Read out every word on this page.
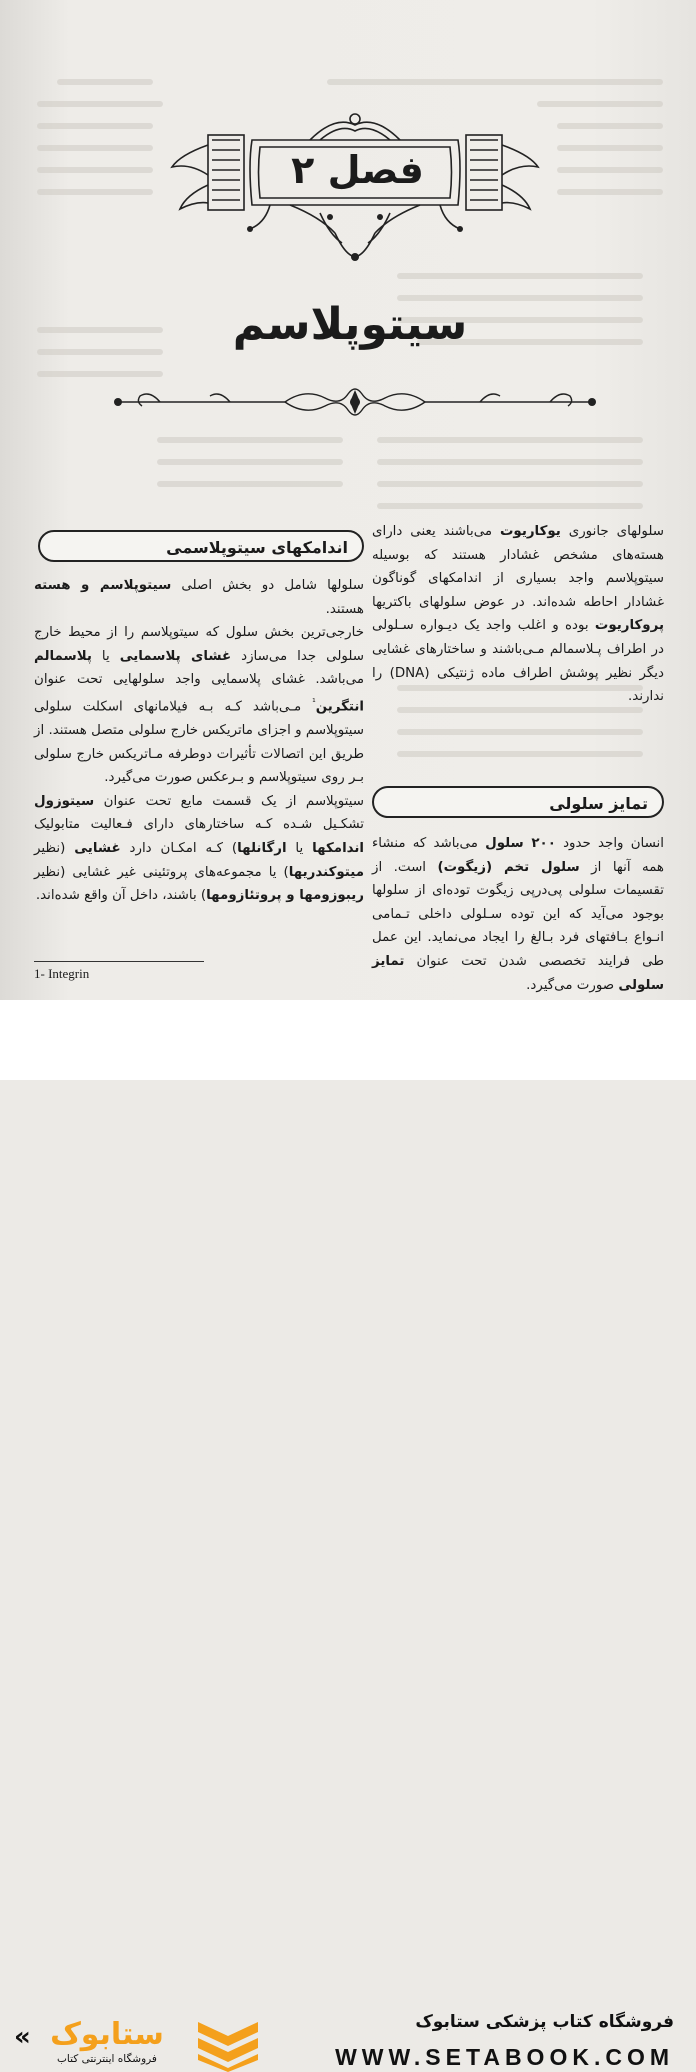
فصل ۲
سیتوپلاسم
اندامکهای سیتوپلاسمی
تمایز سلولی

سلولها شامل دو بخش اصلی سیتوپلاسم و هسته هستند.

خارجی‌ترین بخش سلول که سیتوپلاسم را از محیط خارج سلولی جدا می‌سازد غشای پلاسمایی یا پلاسمالم می‌باشد. غشای پلاسمایی واجد سلولهایی تحت عنوان انتگرین$^{^1}$ مـی‌باشد کـه بـه فیلامانهای اسکلت سلولی سیتوپلاسم و اجزای ماتریکس خارج سلولی متصل هستند. از طریق این اتصالات تأثیرات دوطرفه مـاتریکس خارج سلولی بـر روی سیتوپلاسم و بـرعکس صورت می‌گیرد.

سیتوپلاسم از یک قسمت مایع تحت عنوان سیتوزول تشکـیل شـده کـه ساختارهای دارای فـعالیت متابولیک اندامکها یا ارگانلها) کـه امکـان دارد غشایی (نظیر میتوکندریها) یا مجموعه‌های پروتئینی غیر غشایی (نظیر ریبوزومها و پروتئازومها) باشند، داخل آن واقع شده‌اند.

سلولهای جانوری یوکاریوت می‌باشند یعنی دارای هسته‌های مشخص غشادار هستند که بوسیله سیتوپلاسم واجد بسیاری از اندامکهای گوناگون غشادار احاطه شده‌اند. در عوض سلولهای باکتریها پروکاریوت بوده و اغلب واجد یک دیـواره سـلولی در اطراف پـلاسمالم مـی‌باشند و ساختارهای غشایی دیگر نظیر پوشش اطراف ماده ژنتیکی (DNA) را ندارند.

انسان واجد حدود ۲۰۰ سلول می‌باشد که منشاء همه آنها از سلول تخم (زیگوت) است. از تقسیمات سلولی پی‌درپی زیگوت توده‌ای از سلولها بوجود می‌آید که این توده سـلولی داخلی تـمامی انـواع بـافتهای فرد بـالغ را ایجاد می‌نماید. این عمل طی فرایند تخصصی شدن تحت عنوان تمایز سلولی صورت می‌گیرد.

1- Integrin
« ستابوک
فروشگاه اینترنتی کتاب
فروشگاه کتاب پزشکی ستابوک
WWW.SETABOOK.COM
